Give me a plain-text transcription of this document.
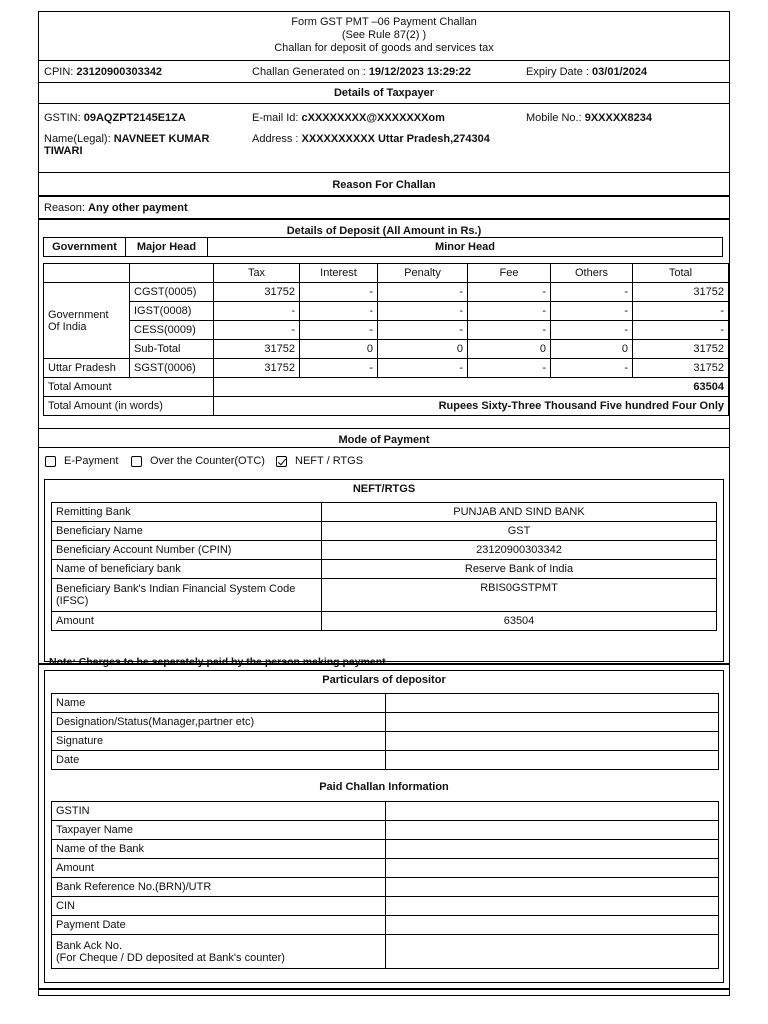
Form GST PMT –06 Payment Challan
(See Rule 87(2) )
Challan for deposit of goods and services tax
CPIN: 23120900303342	Challan Generated on : 19/12/2023 13:29:22	Expiry Date : 03/01/2024
Details of Taxpayer
GSTIN: 09AQZPT2145E1ZA	E-mail Id: cXXXXXXXX@XXXXXXXom	Mobile No.: 9XXXXX8234
Name(Legal): NAVNEET KUMAR
TIWARI
Address : XXXXXXXXXX Uttar Pradesh,274304
Reason For Challan
Reason: Any other payment
Details of Deposit (All Amount in Rs.)
Government	Major Head	Minor Head
		Tax	Interest	Penalty	Fee	Others	Total
Government
Of India	CGST(0005)	31752	-	-	-	-	31752
	IGST(0008)	-	-	-	-	-	-
	CESS(0009)	-	-	-	-	-	-
	Sub-Total	31752	0	0	0	0	31752
Uttar Pradesh	SGST(0006)	31752	-	-	-	-	31752
Total Amount		63504					
Total Amount (in words)		Rupees Sixty-Three Thousand Five hundred Four Only					
Mode of Payment
E-Payment	Over the Counter(OTC)	NEFT / RTGS
NEFT/RTGS
Remitting Bank	PUNJAB AND SIND BANK
Beneficiary Name	GST
Beneficiary Account Number (CPIN)	23120900303342
Name of beneficiary bank	Reserve Bank of India
Beneficiary Bank's Indian Financial System Code (IFSC)	RBIS0GSTPMT
Amount	63504
Note: Charges to be separately paid by the person making payment.
Particulars of depositor
Name	
Designation/Status(Manager,partner etc)	
Signature	
Date	
Paid Challan Information
GSTIN	
Taxpayer Name	
Name of the Bank	
Amount	
Bank Reference No.(BRN)/UTR	
CIN	
Payment Date	
Bank Ack No.
(For Cheque / DD deposited at Bank's counter)	
